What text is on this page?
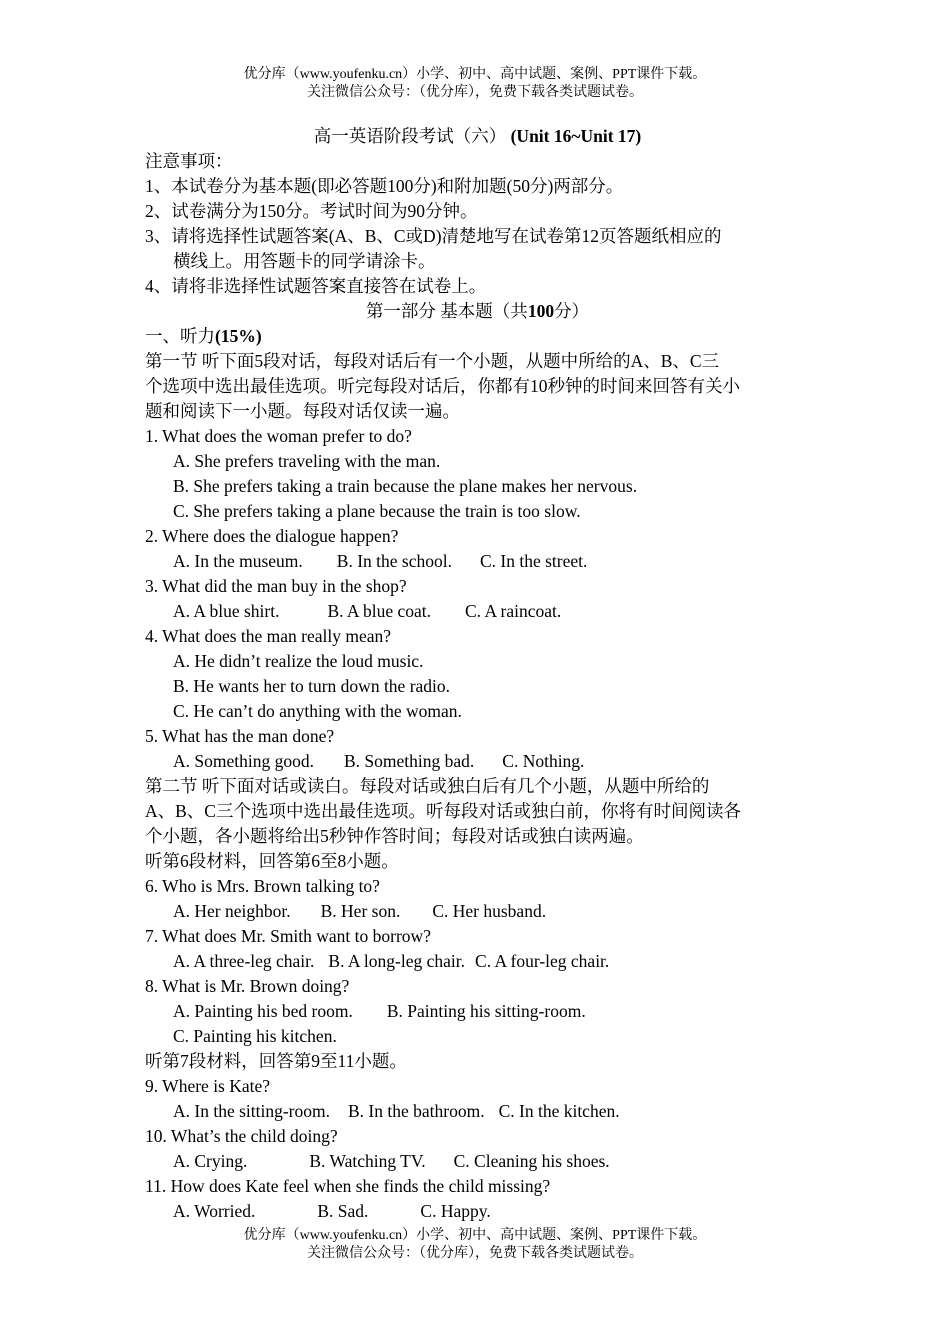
优分库（www.youfenku.cn）小学、初中、高中试题、案例、PPT课件下载。
关注微信公众号：（优分库），免费下载各类试题试卷。
高一英语阶段考试（六） (Unit 16~Unit 17)
注意事项：
1、本试卷分为基本题(即必答题100分)和附加题(50分)两部分。
2、试卷满分为150分。考试时间为90分钟。
3、请将选择性试题答案(A、B、C或D)清楚地写在试卷第12页答题纸相应的
横线上。用答题卡的同学请涂卡。
4、请将非选择性试题答案直接答在试卷上。
第一部分 基本题（共100分）
一、听力(15%)
第一节 听下面5段对话，每段对话后有一个小题，从题中所给的A、B、C三
个选项中选出最佳选项。听完每段对话后，你都有10秒钟的时间来回答有关小
题和阅读下一小题。每段对话仅读一遍。
1. What does the woman prefer to do?
A. She prefers traveling with the man.
B. She prefers taking a train because the plane makes her nervous.
C. She prefers taking a plane because the train is too slow.
2. Where does the dialogue happen?
A. In the museum. B. In the school. C. In the street.
3. What did the man buy in the shop?
A. A blue shirt.	B. A blue coat. C. A raincoat.
4. What does the man really mean?
A. He didn’t realize the loud music.
B. He wants her to turn down the radio.
C. He can’t do anything with the woman.
5. What has the man done?
A. Something good. B. Something bad. C. Nothing.
第二节 听下面对话或读白。每段对话或独白后有几个小题，从题中所给的
A、B、C三个选项中选出最佳选项。听每段对话或独白前，你将有时间阅读各
个小题，各小题将给出5秒钟作答时间；每段对话或独白读两遍。
听第6段材料，回答第6至8小题。
6. Who is Mrs. Brown talking to?
A. Her neighbor. B. Her son. C. Her husband.
7. What does Mr. Smith want to borrow?
A. A three-leg chair. B. A long-leg chair. C. A four-leg chair.
8. What is Mr. Brown doing?
A. Painting his bed room. B. Painting his sitting-room.
C. Painting his kitchen.
听第7段材料，回答第9至11小题。
9. Where is Kate?
A. In the sitting-room. B. In the bathroom. C. In the kitchen.
10. What’s the child doing?
A. Crying.	B. Watching TV. C. Cleaning his shoes.
11. How does Kate feel when she finds the child missing?
A. Worried.	B. Sad.	C. Happy.
优分库（www.youfenku.cn）小学、初中、高中试题、案例、PPT课件下载。
关注微信公众号：（优分库），免费下载各类试题试卷。
